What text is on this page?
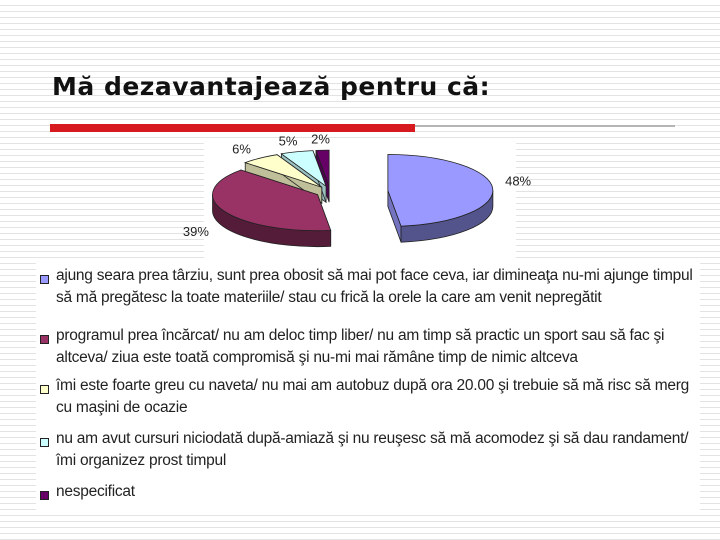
Mă dezavantajează pentru că:
48%
39%
6%
5% 2%
ajung seara prea târziu, sunt prea obosit să mai pot face ceva, iar dimineaţa nu-mi ajunge timpul să mă pregătesc la toate materiile/ stau cu frică la orele la care am venit nepregătit
programul prea încărcat/ nu am deloc timp liber/ nu am timp să practic un sport sau să fac şi altceva/ ziua este toată compromisă şi nu-mi mai rămâne timp de nimic altceva
îmi este foarte greu cu naveta/ nu mai am autobuz după ora 20.00 şi trebuie să mă risc să merg cu maşini de ocazie
nu am avut cursuri niciodată după-amiază şi nu reuşesc să mă acomodez şi să dau randament/ îmi organizez prost timpul
nespecificat
